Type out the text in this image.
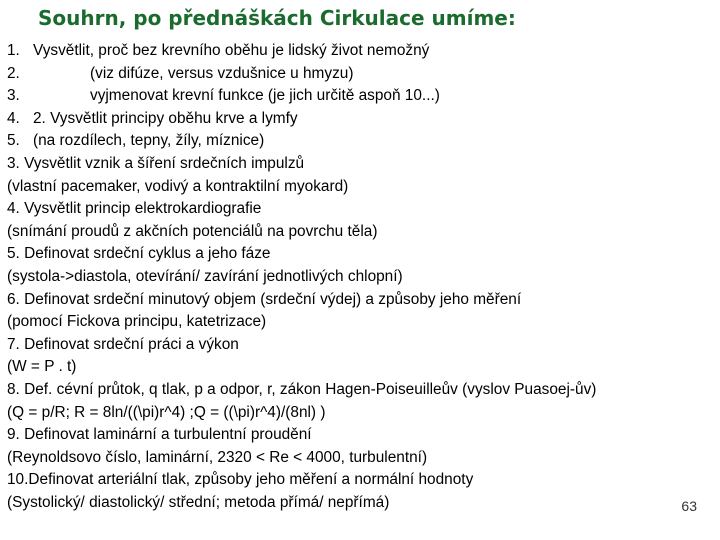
Souhrn, po přednáškách Cirkulace umíme:
1. Vysvětlit, proč bez krevního oběhu je lidský život nemožný
2.	(viz difúze, versus vzdušnice u hmyzu)
3.	vyjmenovat krevní funkce (je jich určitě aspoň 10...)
4. 2. Vysvětlit principy oběhu krve a lymfy
5. (na rozdílech, tepny, žíly, míznice)
3. Vysvětlit vznik a šíření srdečních impulzů
(vlastní pacemaker, vodivý a kontraktilní myokard)
4. Vysvětlit princip elektrokardiografie
(snímání proudů z akčních potenciálů na povrchu těla)
5. Definovat srdeční cyklus a jeho fáze
(systola->diastola, otevírání/ zavírání jednotlivých chlopní)
6. Definovat srdeční minutový objem (srdeční výdej) a způsoby jeho měření
(pomocí Fickova principu, katetrizace)
7. Definovat srdeční práci a výkon
(W = P . t)
8. Def. cévní průtok, q tlak, p a odpor, r, zákon Hagen-Poiseuilleův (vyslov Puasoej-ův)
(Q = p/R; R = 8ln/((\pi)r^4) ;Q = ((\pi)r^4)/(8nl) )
9. Definovat laminární a turbulentní proudění
(Reynoldsovo číslo, laminární, 2320 < Re < 4000, turbulentní)
10.Definovat arteriální tlak, způsoby jeho měření a normální hodnoty
(Systolický/ diastolický/ střední; metoda přímá/ nepřímá)	63
